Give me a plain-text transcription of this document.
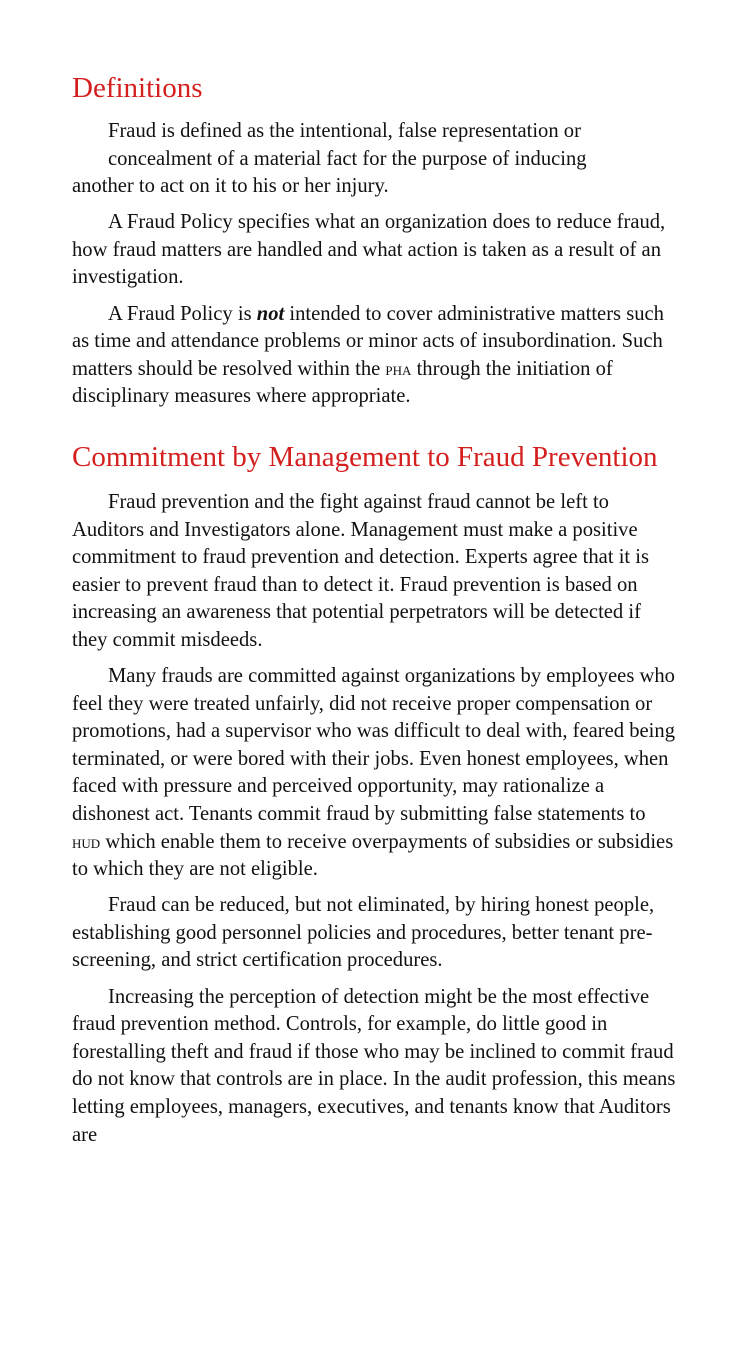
Definitions

Fraud is defined as the intentional, false representation or
concealment of a material fact for the purpose of inducing
another to act on it to his or her injury.

A Fraud Policy specifies what an organization does to reduce fraud, how fraud matters are handled and what action is taken as a result of an investigation.

A Fraud Policy is not intended to cover administrative matters such as time and attendance problems or minor acts of insubordination. Such matters should be resolved within the pha through the initiation of disciplinary measures where appropriate.

Commitment by Management to Fraud Prevention

Fraud prevention and the fight against fraud cannot be left to Auditors and Investigators alone. Management must make a positive commitment to fraud prevention and detection. Experts agree that it is easier to prevent fraud than to detect it. Fraud prevention is based on increasing an awareness that potential perpetrators will be detected if they commit misdeeds.

Many frauds are committed against organizations by employees who feel they were treated unfairly, did not receive proper compensation or promotions, had a supervisor who was difficult to deal with, feared being terminated, or were bored with their jobs. Even honest employees, when faced with pressure and perceived opportunity, may rationalize a dishonest act. Tenants commit fraud by submitting false statements to hud which enable them to receive overpayments of subsidies or subsidies to which they are not eligible.

Fraud can be reduced, but not eliminated, by hiring honest people, establishing good personnel policies and procedures, better tenant pre-screening, and strict certification procedures.

Increasing the perception of detection might be the most effective fraud prevention method. Controls, for example, do little good in forestalling theft and fraud if those who may be inclined to commit fraud do not know that controls are in place. In the audit profession, this means letting employees, managers, executives, and tenants know that Auditors are
